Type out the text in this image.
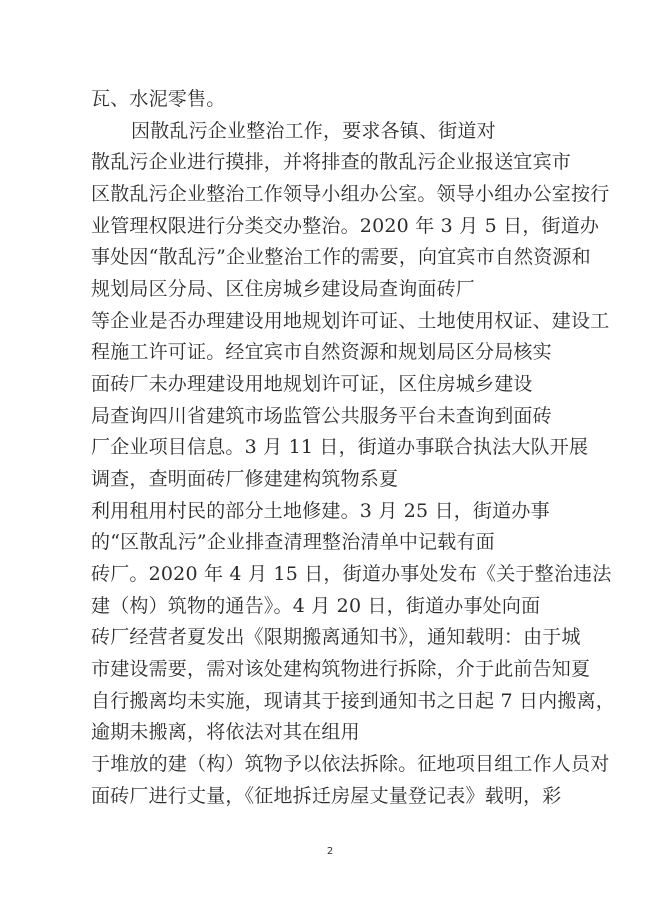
瓦、水泥零售。
因散乱污企业整治工作，要求各镇、街道对
散乱污企业进行摸排，并将排查的散乱污企业报送宜宾市
区散乱污企业整治工作领导小组办公室。领导小组办公室按行
业管理权限进行分类交办整治。2020 年 3 月 5 日，街道办
事处因“散乱污”企业整治工作的需要，向宜宾市自然资源和
规划局区分局、区住房城乡建设局查询面砖厂
等企业是否办理建设用地规划许可证、土地使用权证、建设工
程施工许可证。经宜宾市自然资源和规划局区分局核实
面砖厂未办理建设用地规划许可证，区住房城乡建设
局查询四川省建筑市场监管公共服务平台未查询到面砖
厂企业项目信息。3 月 11 日，街道办事联合执法大队开展
调查，查明面砖厂修建建构筑物系夏
利用租用村民的部分土地修建。3 月 25 日，街道办事
的“区散乱污”企业排查清理整治清单中记载有面
砖厂。2020 年 4 月 15 日，街道办事处发布《关于整治违法
建（构）筑物的通告》。4 月 20 日，街道办事处向面
砖厂经营者夏发出《限期搬离通知书》，通知载明：由于城
市建设需要，需对该处建构筑物进行拆除，介于此前告知夏
自行搬离均未实施，现请其于接到通知书之日起 7 日内搬离，
逾期未搬离，将依法对其在组用
于堆放的建（构）筑物予以依法拆除。征地项目组工作人员对
面砖厂进行丈量，《征地拆迁房屋丈量登记表》载明，彩
2
